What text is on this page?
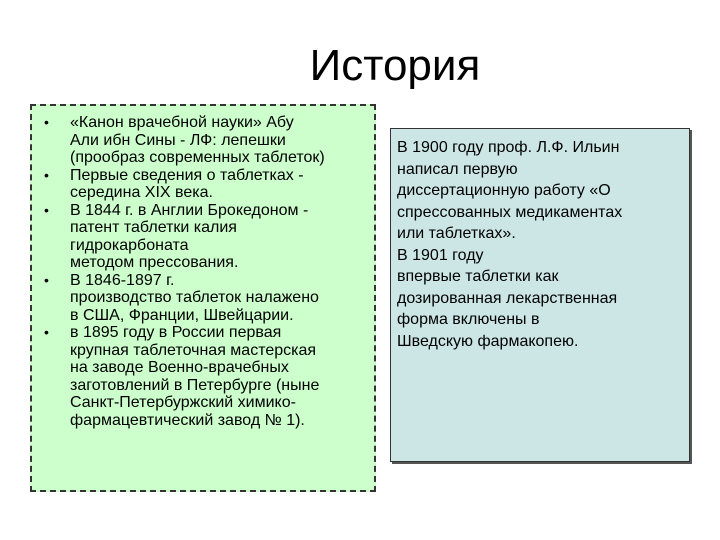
История
• «Канон врачебной науки» Абу
Али ибн Сины - ЛФ: лепешки
(прообраз современных таблеток)
• Первые сведения о таблетках -
середина XIX века.
• В 1844 г. в Англии Брокедоном -
патент таблетки калия
гидрокарбоната
методом прессования.
• В 1846-1897 г.
производство таблеток налажено
в США, Франции, Швейцарии.
• в 1895 году в России первая
крупная таблеточная мастерская
на заводе Военно-врачебных
заготовлений в Петербурге (ныне
Санкт-Петербуржский химико-
фармацевтический завод № 1).
В 1900 году проф. Л.Ф. Ильин
написал первую
диссертационную работу «О
спрессованных медикаментах
или таблетках».
В 1901 году
впервые таблетки как
дозированная лекарственная
форма включены в
Шведскую фармакопею.
